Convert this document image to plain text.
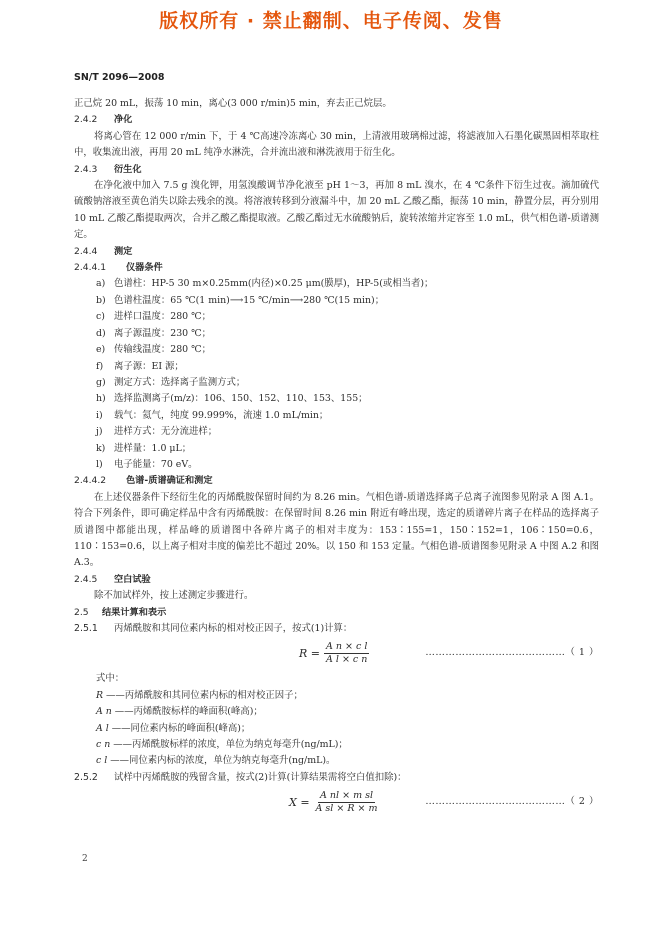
版权所有 · 禁止翻制、电子传阅、发售
SN/T 2096—2008

正己烷 20 mL，振荡 10 min，离心(3 000 r/min)5 min，弃去正己烷层。

2.4.2 净化

将离心管在 12 000 r/min 下，于 4 ℃高速冷冻离心 30 min，上清液用玻璃棉过滤，将滤液加入石墨化碳黑固相萃取柱中，收集流出液，再用 20 mL 纯净水淋洗，合并流出液和淋洗液用于衍生化。

2.4.3 衍生化

在净化液中加入 7.5 g 溴化钾，用氢溴酸调节净化液至 pH 1～3，再加 8 mL 溴水，在 4 ℃条件下衍生过夜。滴加硫代硫酸钠溶液至黄色消失以除去残余的溴。将溶液转移到分液漏斗中，加 20 mL 乙酸乙酯，振荡 10 min，静置分层，再分别用 10 mL 乙酸乙酯提取两次，合并乙酸乙酯提取液。乙酸乙酯过无水硫酸钠后，旋转浓缩并定容至 1.0 mL，供气相色谱-质谱测定。

2.4.4 测定

2.4.4.1 仪器条件

a) 色谱柱：HP-5 30 m×0.25mm(内径)×0.25 μm(膜厚)，HP-5(或相当者)；

b) 色谱柱温度：65 ℃(1 min)⟶15 ℃/min⟶280 ℃(15 min)；

c) 进样口温度：280 ℃；

d) 离子源温度：230 ℃；

e) 传输线温度：280 ℃；

f) 离子源：EI 源；

g) 测定方式：选择离子监测方式；

h) 选择监测离子(m/z)：106、150、152、110、153、155；

i) 载气：氦气，纯度 99.999%，流速 1.0 mL/min；

j) 进样方式：无分流进样；

k) 进样量：1.0 μL；

l) 电子能量：70 eV。

2.4.4.2 色谱-质谱确证和测定

在上述仪器条件下经衍生化的丙烯酰胺保留时间约为 8.26 min。气相色谱-质谱选择离子总离子流图参见附录 A 图 A.1。符合下列条件，即可确定样品中含有丙烯酰胺：在保留时间 8.26 min 附近有峰出现，选定的质谱碎片离子在样品的选择离子质谱图中都能出现，样品峰的质谱图中各碎片离子的相对丰度为：153∶155=1，150∶152=1，106∶150=0.6，110∶153=0.6，以上离子相对丰度的偏差比不超过 20%。以 150 和 153 定量。气相色谱-质谱图参见附录 A 中图 A.2 和图 A.3。

2.4.5 空白试验

除不加试样外，按上述测定步骤进行。

2.5 结果计算和表示

2.5.1 丙烯酰胺和其同位素内标的相对校正因子，按式(1)计算：

$R = \frac{\text{A n × c l}}{\text{A l × c n}}$	……………………………………（ 1 ）

式中：

R ——丙烯酰胺和其同位素内标的相对校正因子；

A n ——丙烯酰胺标样的峰面积(峰高)；

A l ——同位素内标的峰面积(峰高)；

c n ——丙烯酰胺标样的浓度，单位为纳克每毫升(ng/mL)；

c l ——同位素内标的浓度，单位为纳克每毫升(ng/mL)。

2.5.2 试样中丙烯酰胺的残留含量，按式(2)计算(计算结果需将空白值扣除)：

$X = \frac{\text{A nl × m sl}}{\text{A sl × R × m}}$	……………………………………（ 2 ）
2
